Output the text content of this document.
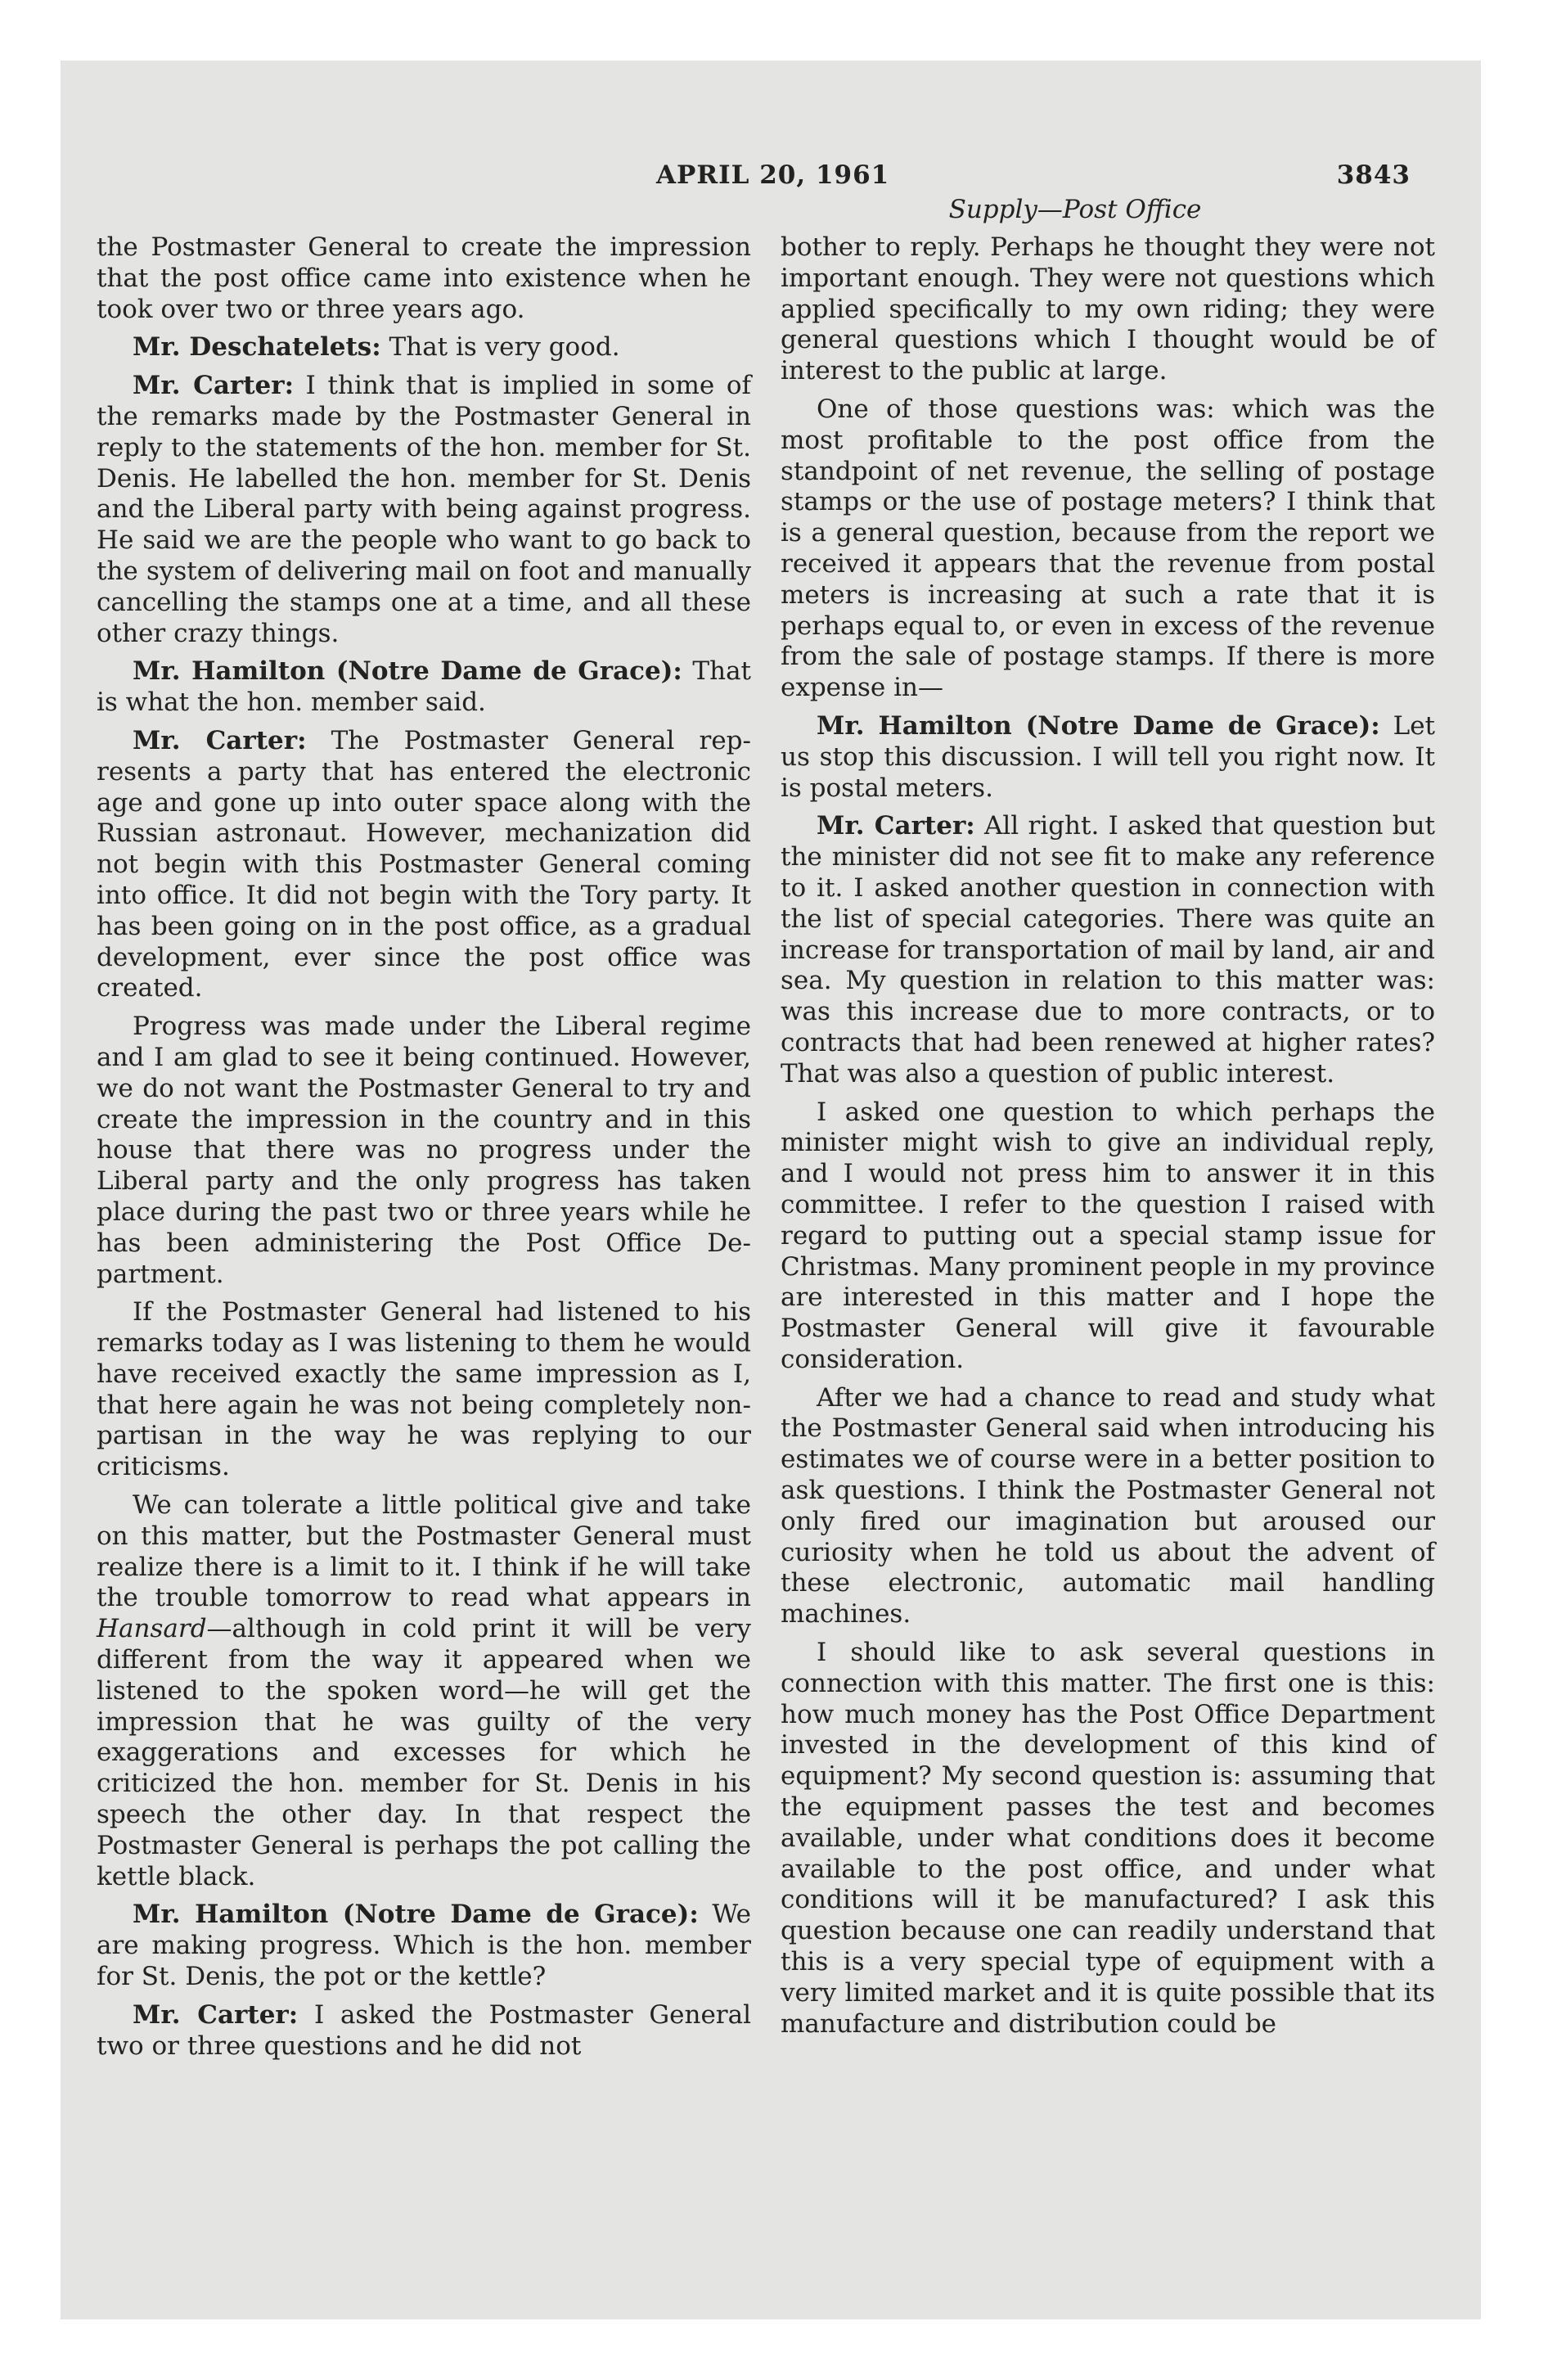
APRIL 20, 1961	3843
Supply—Post Office

the Postmaster General to create the impression that the post office came into existence when he took over two or three years ago.

Mr. Deschatelets: That is very good.

Mr. Carter: I think that is implied in some of the remarks made by the Postmaster General in reply to the statements of the hon. member for St. Denis. He labelled the hon. member for St. Denis and the Liberal party with being against progress. He said we are the people who want to go back to the system of delivering mail on foot and manually cancelling the stamps one at a time, and all these other crazy things.

Mr. Hamilton (Notre Dame de Grace): That is what the hon. member said.

Mr. Carter: The Postmaster General represents a party that has entered the electronic age and gone up into outer space along with the Russian astronaut. However, mechanization did not begin with this Postmaster General coming into office. It did not begin with the Tory party. It has been going on in the post office, as a gradual development, ever since the post office was created.

Progress was made under the Liberal regime and I am glad to see it being continued. However, we do not want the Postmaster General to try and create the impression in the country and in this house that there was no progress under the Liberal party and the only progress has taken place during the past two or three years while he has been administering the Post Office Department.

If the Postmaster General had listened to his remarks today as I was listening to them he would have received exactly the same impression as I, that here again he was not being completely non-partisan in the way he was replying to our criticisms.

We can tolerate a little political give and take on this matter, but the Postmaster General must realize there is a limit to it. I think if he will take the trouble tomorrow to read what appears in Hansard—although in cold print it will be very different from the way it appeared when we listened to the spoken word—he will get the impression that he was guilty of the very exaggerations and excesses for which he criticized the hon. member for St. Denis in his speech the other day. In that respect the Postmaster General is perhaps the pot calling the kettle black.

Mr. Hamilton (Notre Dame de Grace): We are making progress. Which is the hon. member for St. Denis, the pot or the kettle?

Mr. Carter: I asked the Postmaster General two or three questions and he did not

bother to reply. Perhaps he thought they were not important enough. They were not questions which applied specifically to my own riding; they were general questions which I thought would be of interest to the public at large.

One of those questions was: which was the most profitable to the post office from the standpoint of net revenue, the selling of postage stamps or the use of postage meters? I think that is a general question, because from the report we received it appears that the revenue from postal meters is increasing at such a rate that it is perhaps equal to, or even in excess of the revenue from the sale of postage stamps. If there is more expense in—

Mr. Hamilton (Notre Dame de Grace): Let us stop this discussion. I will tell you right now. It is postal meters.

Mr. Carter: All right. I asked that question but the minister did not see fit to make any reference to it. I asked another question in connection with the list of special categories. There was quite an increase for transportation of mail by land, air and sea. My question in relation to this matter was: was this increase due to more contracts, or to contracts that had been renewed at higher rates? That was also a question of public interest.

I asked one question to which perhaps the minister might wish to give an individual reply, and I would not press him to answer it in this committee. I refer to the question I raised with regard to putting out a special stamp issue for Christmas. Many prominent people in my province are interested in this matter and I hope the Postmaster General will give it favourable consideration.

After we had a chance to read and study what the Postmaster General said when introducing his estimates we of course were in a better position to ask questions. I think the Postmaster General not only fired our imagination but aroused our curiosity when he told us about the advent of these electronic, automatic mail handling machines.

I should like to ask several questions in connection with this matter. The first one is this: how much money has the Post Office Department invested in the development of this kind of equipment? My second question is: assuming that the equipment passes the test and becomes available, under what conditions does it become available to the post office, and under what conditions will it be manufactured? I ask this question because one can readily understand that this is a very special type of equipment with a very limited market and it is quite possible that its manufacture and distribution could be
